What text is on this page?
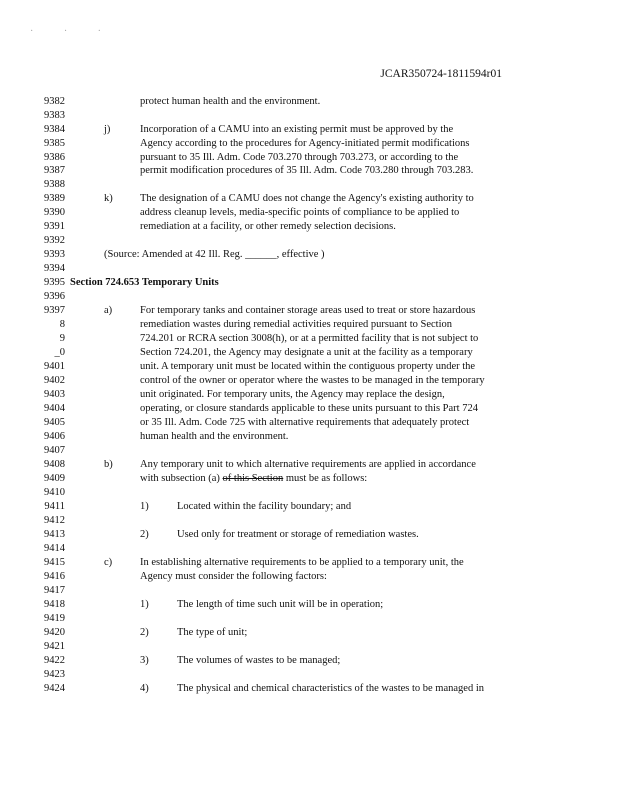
· · ·
JCAR350724-1811594r01
9382
9383
9384
9385
9386
9387
9388
9389
9390
9391
9392
9393
9394
9395
9396
9397
8
9
_0
9401
9402
9403
9404
9405
9406
9407
9408
9409
9410
9411
9412
9413
9414
9415
9416
9417
9418
9419
9420
9421
9422
9423
9424
protect human health and the environment.
j)	Incorporation of a CAMU into an existing permit must be approved by the
Agency according to the procedures for Agency-initiated permit modifications
pursuant to 35 Ill. Adm. Code 703.270 through 703.273, or according to the
permit modification procedures of 35 Ill. Adm. Code 703.280 through 703.283.
k)	The designation of a CAMU does not change the Agency's existing authority to
address cleanup levels, media-specific points of compliance to be applied to
remediation at a facility, or other remedy selection decisions.
(Source: Amended at 42 Ill. Reg. ______, effective )
Section 724.653 Temporary Units
a)	For temporary tanks and container storage areas used to treat or store hazardous
remediation wastes during remedial activities required pursuant to Section
724.201 or RCRA section 3008(h), or at a permitted facility that is not subject to
Section 724.201, the Agency may designate a unit at the facility as a temporary
unit. A temporary unit must be located within the contiguous property under the
control of the owner or operator where the wastes to be managed in the temporary
unit originated. For temporary units, the Agency may replace the design,
operating, or closure standards applicable to these units pursuant to this Part 724
or 35 Ill. Adm. Code 725 with alternative requirements that adequately protect
human health and the environment.
b)	Any temporary unit to which alternative requirements are applied in accordance
with subsection (a) of this Section must be as follows:
1)	Located within the facility boundary; and
2)	Used only for treatment or storage of remediation wastes.
c)	In establishing alternative requirements to be applied to a temporary unit, the
Agency must consider the following factors:
1)	The length of time such unit will be in operation;
2)	The type of unit;
3)	The volumes of wastes to be managed;
4)	The physical and chemical characteristics of the wastes to be managed in
